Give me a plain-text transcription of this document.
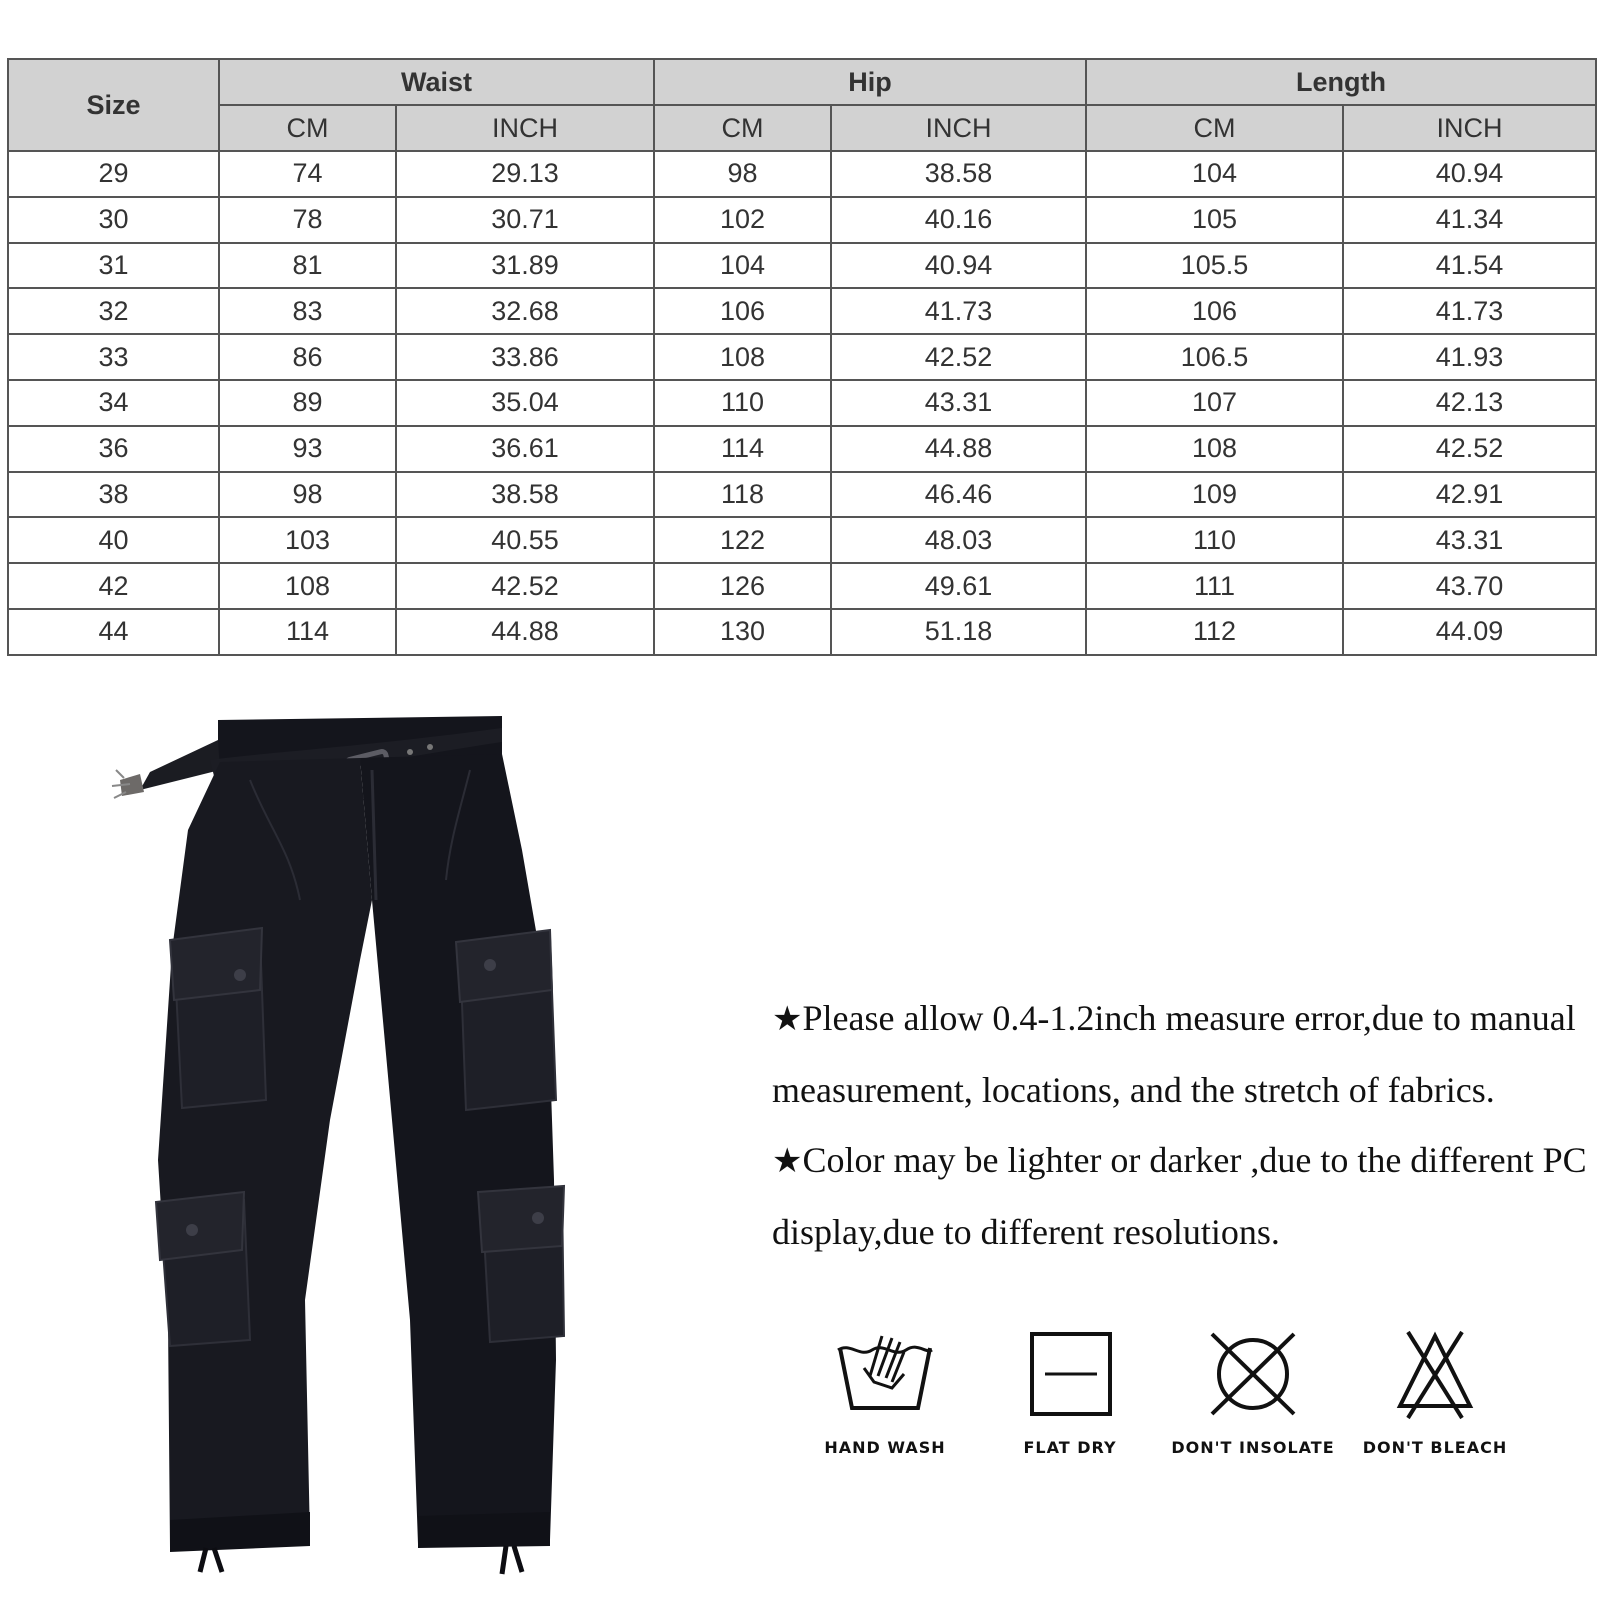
Size	Waist		Hip		Length	
	CM	INCH	CM	INCH	CM	INCH
29	74	29.13	98	38.58	104	40.94
30	78	30.71	102	40.16	105	41.34
31	81	31.89	104	40.94	105.5	41.54
32	83	32.68	106	41.73	106	41.73
33	86	33.86	108	42.52	106.5	41.93
34	89	35.04	110	43.31	107	42.13
36	93	36.61	114	44.88	108	42.52
38	98	38.58	118	46.46	109	42.91
40	103	40.55	122	48.03	110	43.31
42	108	42.52	126	49.61	111	43.70
44	114	44.88	130	51.18	112	44.09

★Please allow 0.4-1.2inch measure error,due to manual measurement, locations, and the stretch of fabrics.

★Color may be lighter or darker ,due to the different PC display,due to different resolutions.

HAND WASH	FLAT DRY	DON'T INSOLATE	DON'T BLEACH
